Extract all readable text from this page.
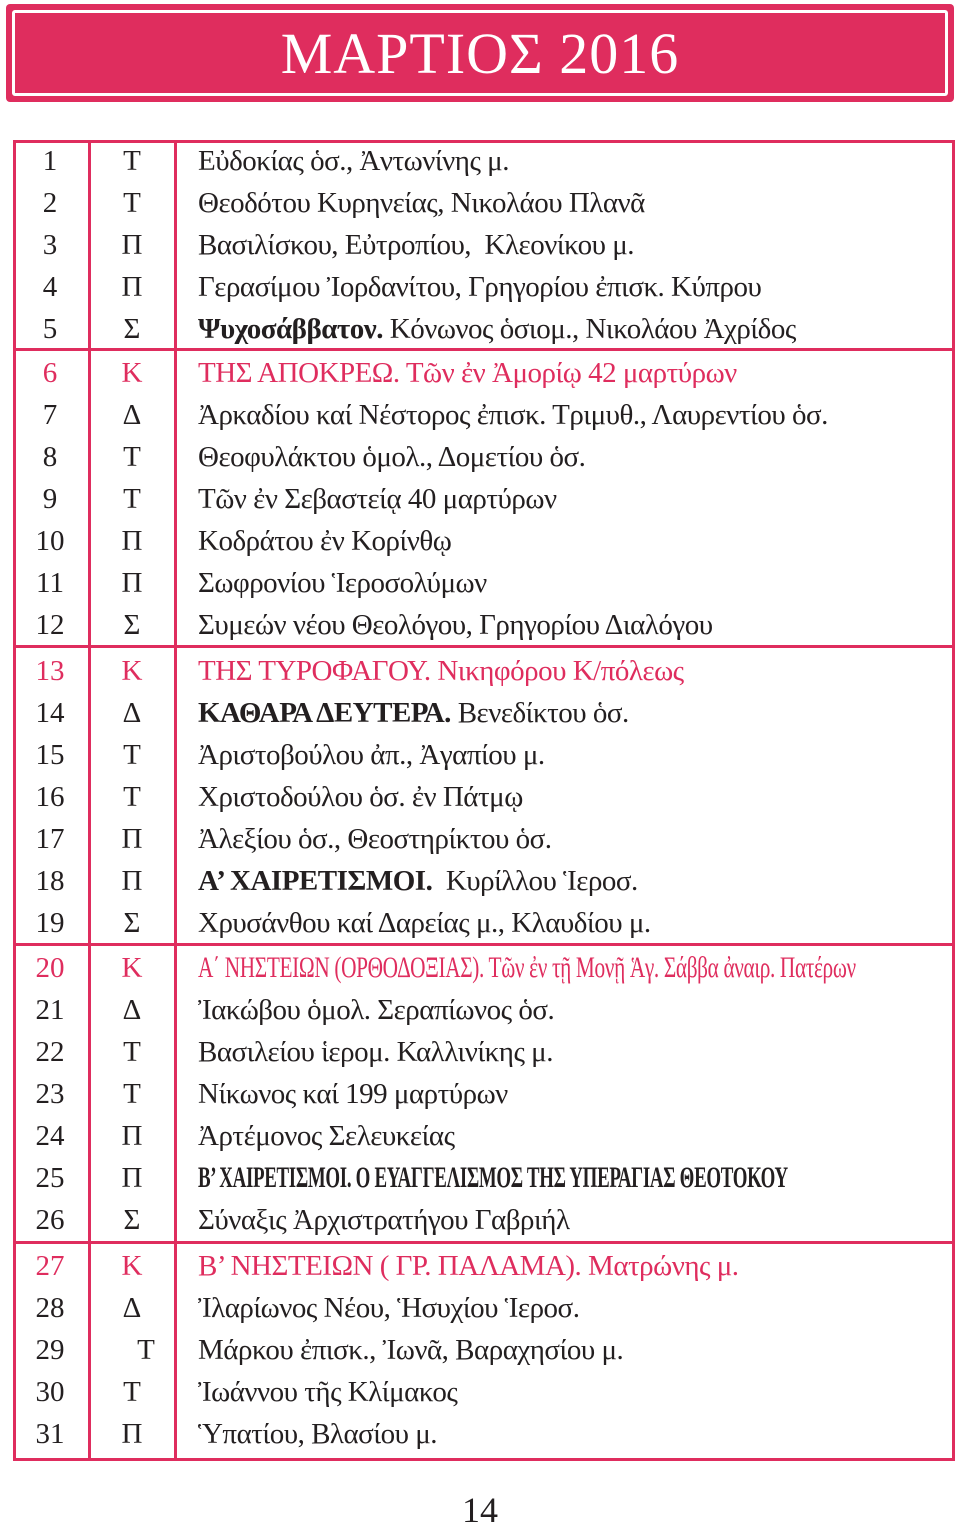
ΜΑΡΤΙΟΣ 2016
1	Τ	Εὐδοκίας ὁσ., Ἀντωνίνης μ.
2	Τ	Θεοδότου Κυρηνείας, Νικολάου Πλανᾶ
3	Π	Βασιλίσκου, Εὐτροπίου,  Κλεονίκου μ.
4	Π	Γερασίμου Ἰορδανίτου, Γρηγορίου ἐπισκ. Κύπρου
5	Σ	Ψυχοσάββατον. Κόνωνος ὁσιομ., Νικολάου Ἀχρίδος
6	Κ	ΤΗΣ ΑΠΟΚΡΕΩ. Τῶν ἐν Ἀμορίῳ 42 μαρτύρων
7	Δ	Ἀρκαδίου καί Νέστορος ἐπισκ. Τριμυθ., Λαυρεντίου ὁσ.
8	Τ	Θεοφυλάκτου ὁμολ., Δομετίου ὁσ.
9	Τ	Τῶν ἐν Σεβαστείᾳ 40 μαρτύρων
10	Π	Κοδράτου ἐν Κορίνθῳ
11	Π	Σωφρονίου Ἱεροσολύμων
12	Σ	Συμεών νέου Θεολόγου, Γρηγορίου Διαλόγου
13	Κ	ΤΗΣ ΤΥΡΟΦΑΓΟΥ. Νικηφόρου Κ/πόλεως
14	Δ	ΚΑΘΑΡΑ ΔΕΥΤΕΡΑ. Βενεδίκτου ὁσ.
15	Τ	Ἀριστοβούλου ἀπ., Ἀγαπίου μ.
16	Τ	Χριστοδούλου ὁσ. ἐν Πάτμῳ
17	Π	Ἀλεξίου ὁσ., Θεοστηρίκτου ὁσ.
18	Π	Α’ ΧΑΙΡΕΤΙΣΜΟΙ.  Κυρίλλου Ἱεροσ.
19	Σ	Χρυσάνθου καί Δαρείας μ., Κλαυδίου μ.
20	Κ	Α΄ ΝΗΣΤΕΙΩΝ (ΟΡΘΟΔΟΞΙΑΣ). Τῶν ἐν τῇ Μονῇ Ἁγ. Σάββα ἀναιρ. Πατέρων
21	Δ	Ἰακώβου ὁμολ. Σεραπίωνος ὁσ.
22	Τ	Βασιλείου ἱερομ. Καλλινίκης μ.
23	Τ	Νίκωνος καί 199 μαρτύρων
24	Π	Ἀρτέμονος Σελευκείας
25	Π	Β’ ΧΑΙΡΕΤΙΣΜΟΙ. Ο ΕΥΑΓΓΕΛΙΣΜΟΣ ΤΗΣ ΥΠΕΡΑΓΙΑΣ ΘΕΟΤΟΚΟΥ
26	Σ	Σύναξις Ἀρχιστρατήγου Γαβριήλ
27	Κ	Β’ ΝΗΣΤΕΙΩΝ ( ΓΡ. ΠΑΛΑΜΑ). Ματρώνης μ.
28	Δ	Ἰλαρίωνος Νέου, Ἡσυχίου Ἱεροσ.
29	Τ	Μάρκου ἐπισκ., Ἰωνᾶ, Βαραχησίου μ.
30	Τ	Ἰωάννου τῆς Κλίμακος
31	Π	Ὑπατίου, Βλασίου μ.
14
